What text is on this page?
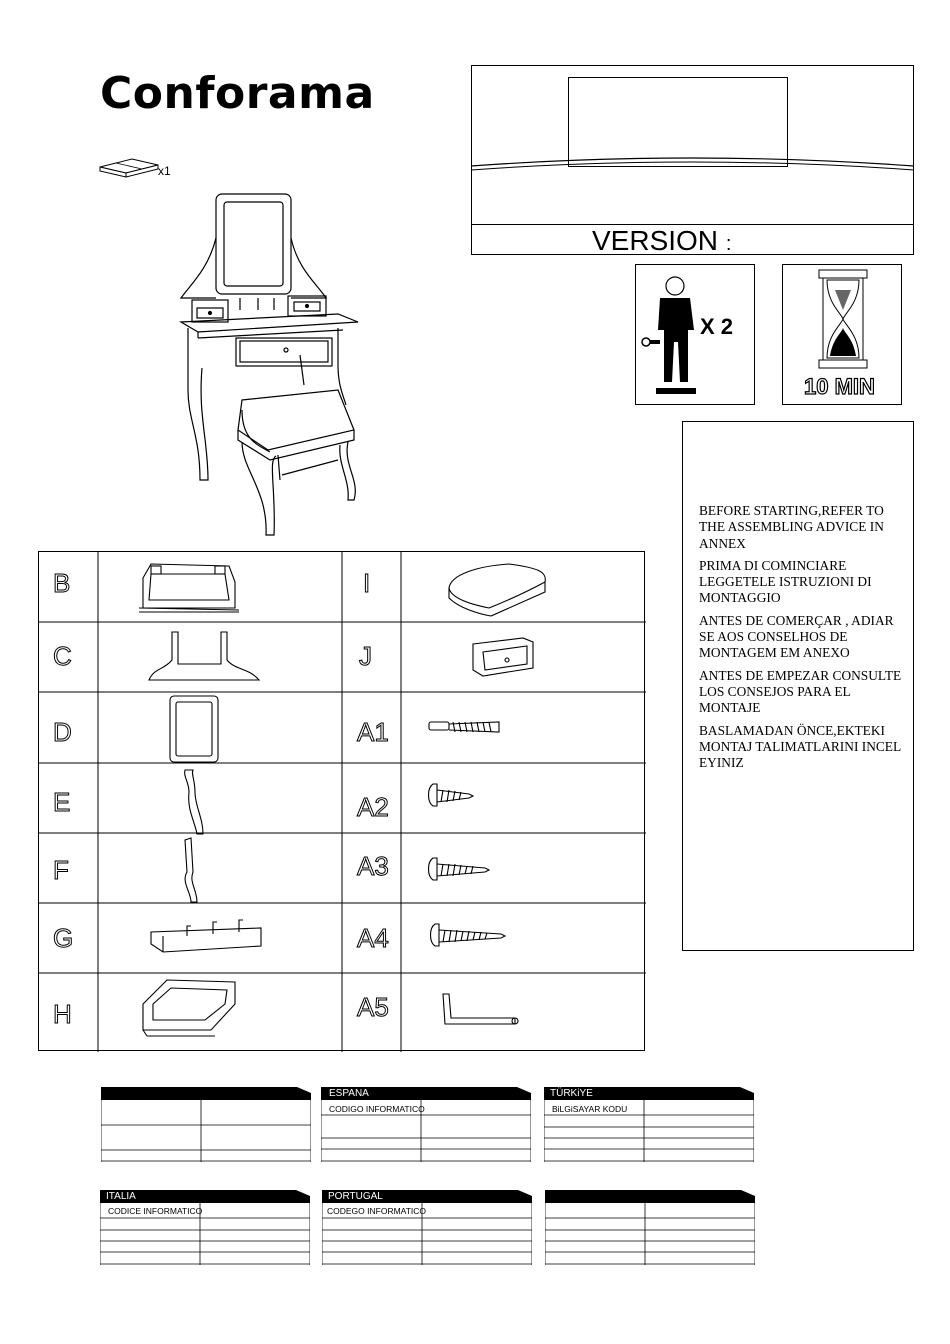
Conforama
x1
VERSION :
X 2
10 MIN

BEFORE STARTING,REFER TO THE ASSEMBLING ADVICE IN ANNEX

PRIMA DI COMINCIARE LEGGETELE ISTRUZIONI DI MONTAGGIO

ANTES DE COMERÇAR , ADIAR SE AOS CONSELHOS DE MONTAGEM EM ANEXO

ANTES DE EMPEZAR CONSULTE LOS CONSEJOS PARA EL MONTAJE

BASLAMADAN ÖNCE,EKTEKI MONTAJ TALIMATLARINI INCEL EYINIZ

B
C
D
E
F
G
H
I
J
A1
A2
A3
A4
A5
ESPANA
CODIGO INFORMATICO
TÜRKiYE
BiLGiSAYAR KODU
ITALIA
CODICE INFORMATICO
PORTUGAL
CODEGO INFORMATICO
